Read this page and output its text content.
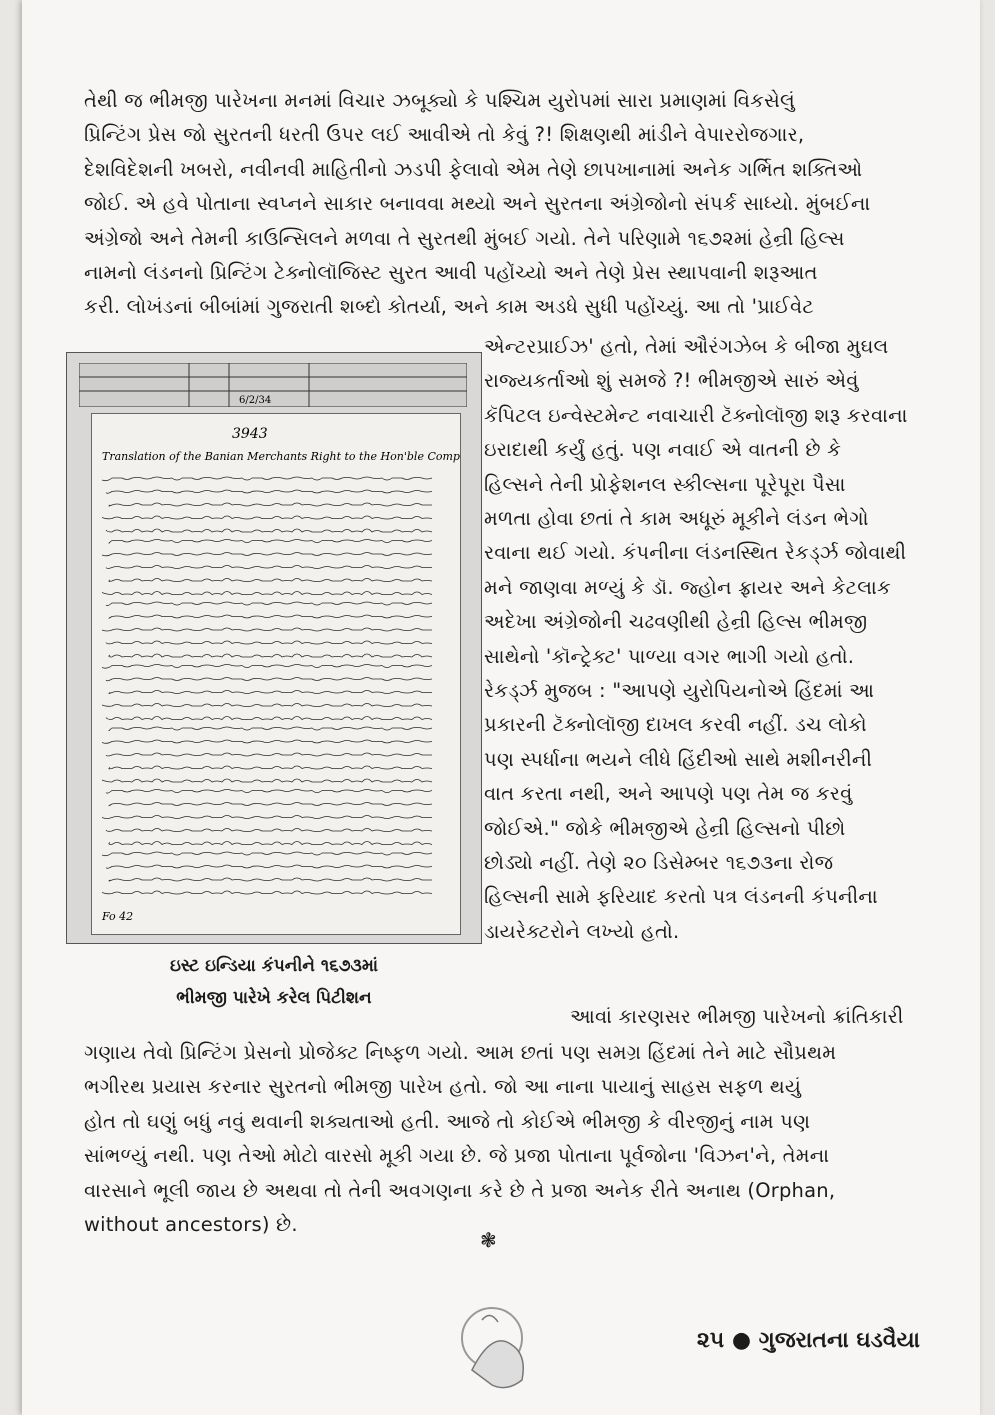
તેથી જ ભીમજી પારેખના મનમાં વિચાર ઝબૂક્યો કે પશ્ચિમ યુરોપમાં સારા પ્રમાણમાં વિકસેલું
પ્રિન્ટિંગ પ્રેસ જો સુરતની ધરતી ઉપર લઈ આવીએ તો કેવું ?! શિક્ષણથી માંડીને વેપારરોજગાર,
દેશવિદેશની ખબરો, નવીનવી માહિતીનો ઝડપી ફેલાવો એમ તેણે છાપખાનામાં અનેક ગર્ભિત શક્તિઓ
જોઈ. એ હવે પોતાના સ્વપ્નને સાકાર બનાવવા મથ્યો અને સુરતના અંગ્રેજોનો સંપર્ક સાધ્યો. મુંબઈના
અંગ્રેજો અને તેમની કાઉન્સિલને મળવા તે સુરતથી મુંબઈ ગયો. તેને પરિણામે ૧૬૭૨માં હેન્રી હિલ્સ
નામનો લંડનનો પ્રિન્ટિંગ ટેક્નોલૉજિસ્ટ સુરત આવી પહોંચ્યો અને તેણે પ્રેસ સ્થાપવાની શરૂઆત
કરી. લોખંડનાં બીબાંમાં ગુજરાતી શબ્દો કોતર્યા, અને કામ અડધે સુધી પહોંચ્યું. આ તો 'પ્રાઈવેટ
6/2/34
3943
Translation of the Banian Merchants Right to the Hon'ble Company
Fo 42
ઇસ્ટ ઇન્ડિયા કંપનીને ૧૬૭૩માં
ભીમજી પારેખે કરેલ પિટીશન
એન્ટરપ્રાઈઝ' હતો, તેમાં ઔરંગઝેબ કે બીજા મુઘલ
રાજ્યકર્તાઓ શું સમજે ?! ભીમજીએ સારું એવું
કૅપિટલ ઇન્વેસ્ટમેન્ટ નવાચારી ટૅક્નોલૉજી શરૂ કરવાના
ઇરાદાથી કર્યું હતું. પણ નવાઈ એ વાતની છે કે
હિલ્સને તેની પ્રોફેશનલ સ્કીલ્સના પૂરેપૂરા પૈસા
મળતા હોવા છતાં તે કામ અધૂરું મૂકીને લંડન ભેગો
રવાના થઈ ગયો. કંપનીના લંડનસ્થિત રેકર્ડ્ઝ જોવાથી
મને જાણવા મળ્યું કે ડૉ. જ્હોન ફ્રાયર અને કેટલાક
અદેખા અંગ્રેજોની ચઢવણીથી હેન્રી હિલ્સ ભીમજી
સાથેનો 'કૉન્ટ્રેક્ટ' પાળ્યા વગર ભાગી ગયો હતો.
રેકર્ડ્ઝ મુજબ : "આપણે યુરોપિયનોએ હિંદમાં આ
પ્રકારની ટૅક્નોલૉજી દાખલ કરવી નહીં. ડચ લોકો
પણ સ્પર્ધાના ભયને લીધે હિંદીઓ સાથે મશીનરીની
વાત કરતા નથી, અને આપણે પણ તેમ જ કરવું
જોઈએ." જોકે ભીમજીએ હેન્રી હિલ્સનો પીછો
છોડ્યો નહીં. તેણે ૨૦ ડિસેમ્બર ૧૬૭૩ના રોજ
હિલ્સની સામે ફરિયાદ કરતો પત્ર લંડનની કંપનીના
ડાયરેક્ટરોને લખ્યો હતો.
આવાં કારણસર ભીમજી પારેખનો ક્રાંતિકારી
ગણાય તેવો પ્રિન્ટિંગ પ્રેસનો પ્રોજેક્ટ નિષ્ફળ ગયો. આમ છતાં પણ સમગ્ર હિંદમાં તેને માટે સૌપ્રથમ
ભગીરથ પ્રયાસ કરનાર સુરતનો ભીમજી પારેખ હતો. જો આ નાના પાયાનું સાહસ સફળ થયું
હોત તો ઘણું બધું નવું થવાની શક્યતાઓ હતી. આજે તો કોઈએ ભીમજી કે વીરજીનું નામ પણ
સાંભળ્યું નથી. પણ તેઓ મોટો વારસો મૂકી ગયા છે. જે પ્રજા પોતાના પૂર્વજોના 'વિઝન'ને, તેમના
વારસાને ભૂલી જાય છે અથવા તો તેની અવગણના કરે છે તે પ્રજા અનેક રીતે અનાથ (Orphan,
without ancestors) છે.
❃
૨૫ ● ગુજરાતના ઘડવૈયા
